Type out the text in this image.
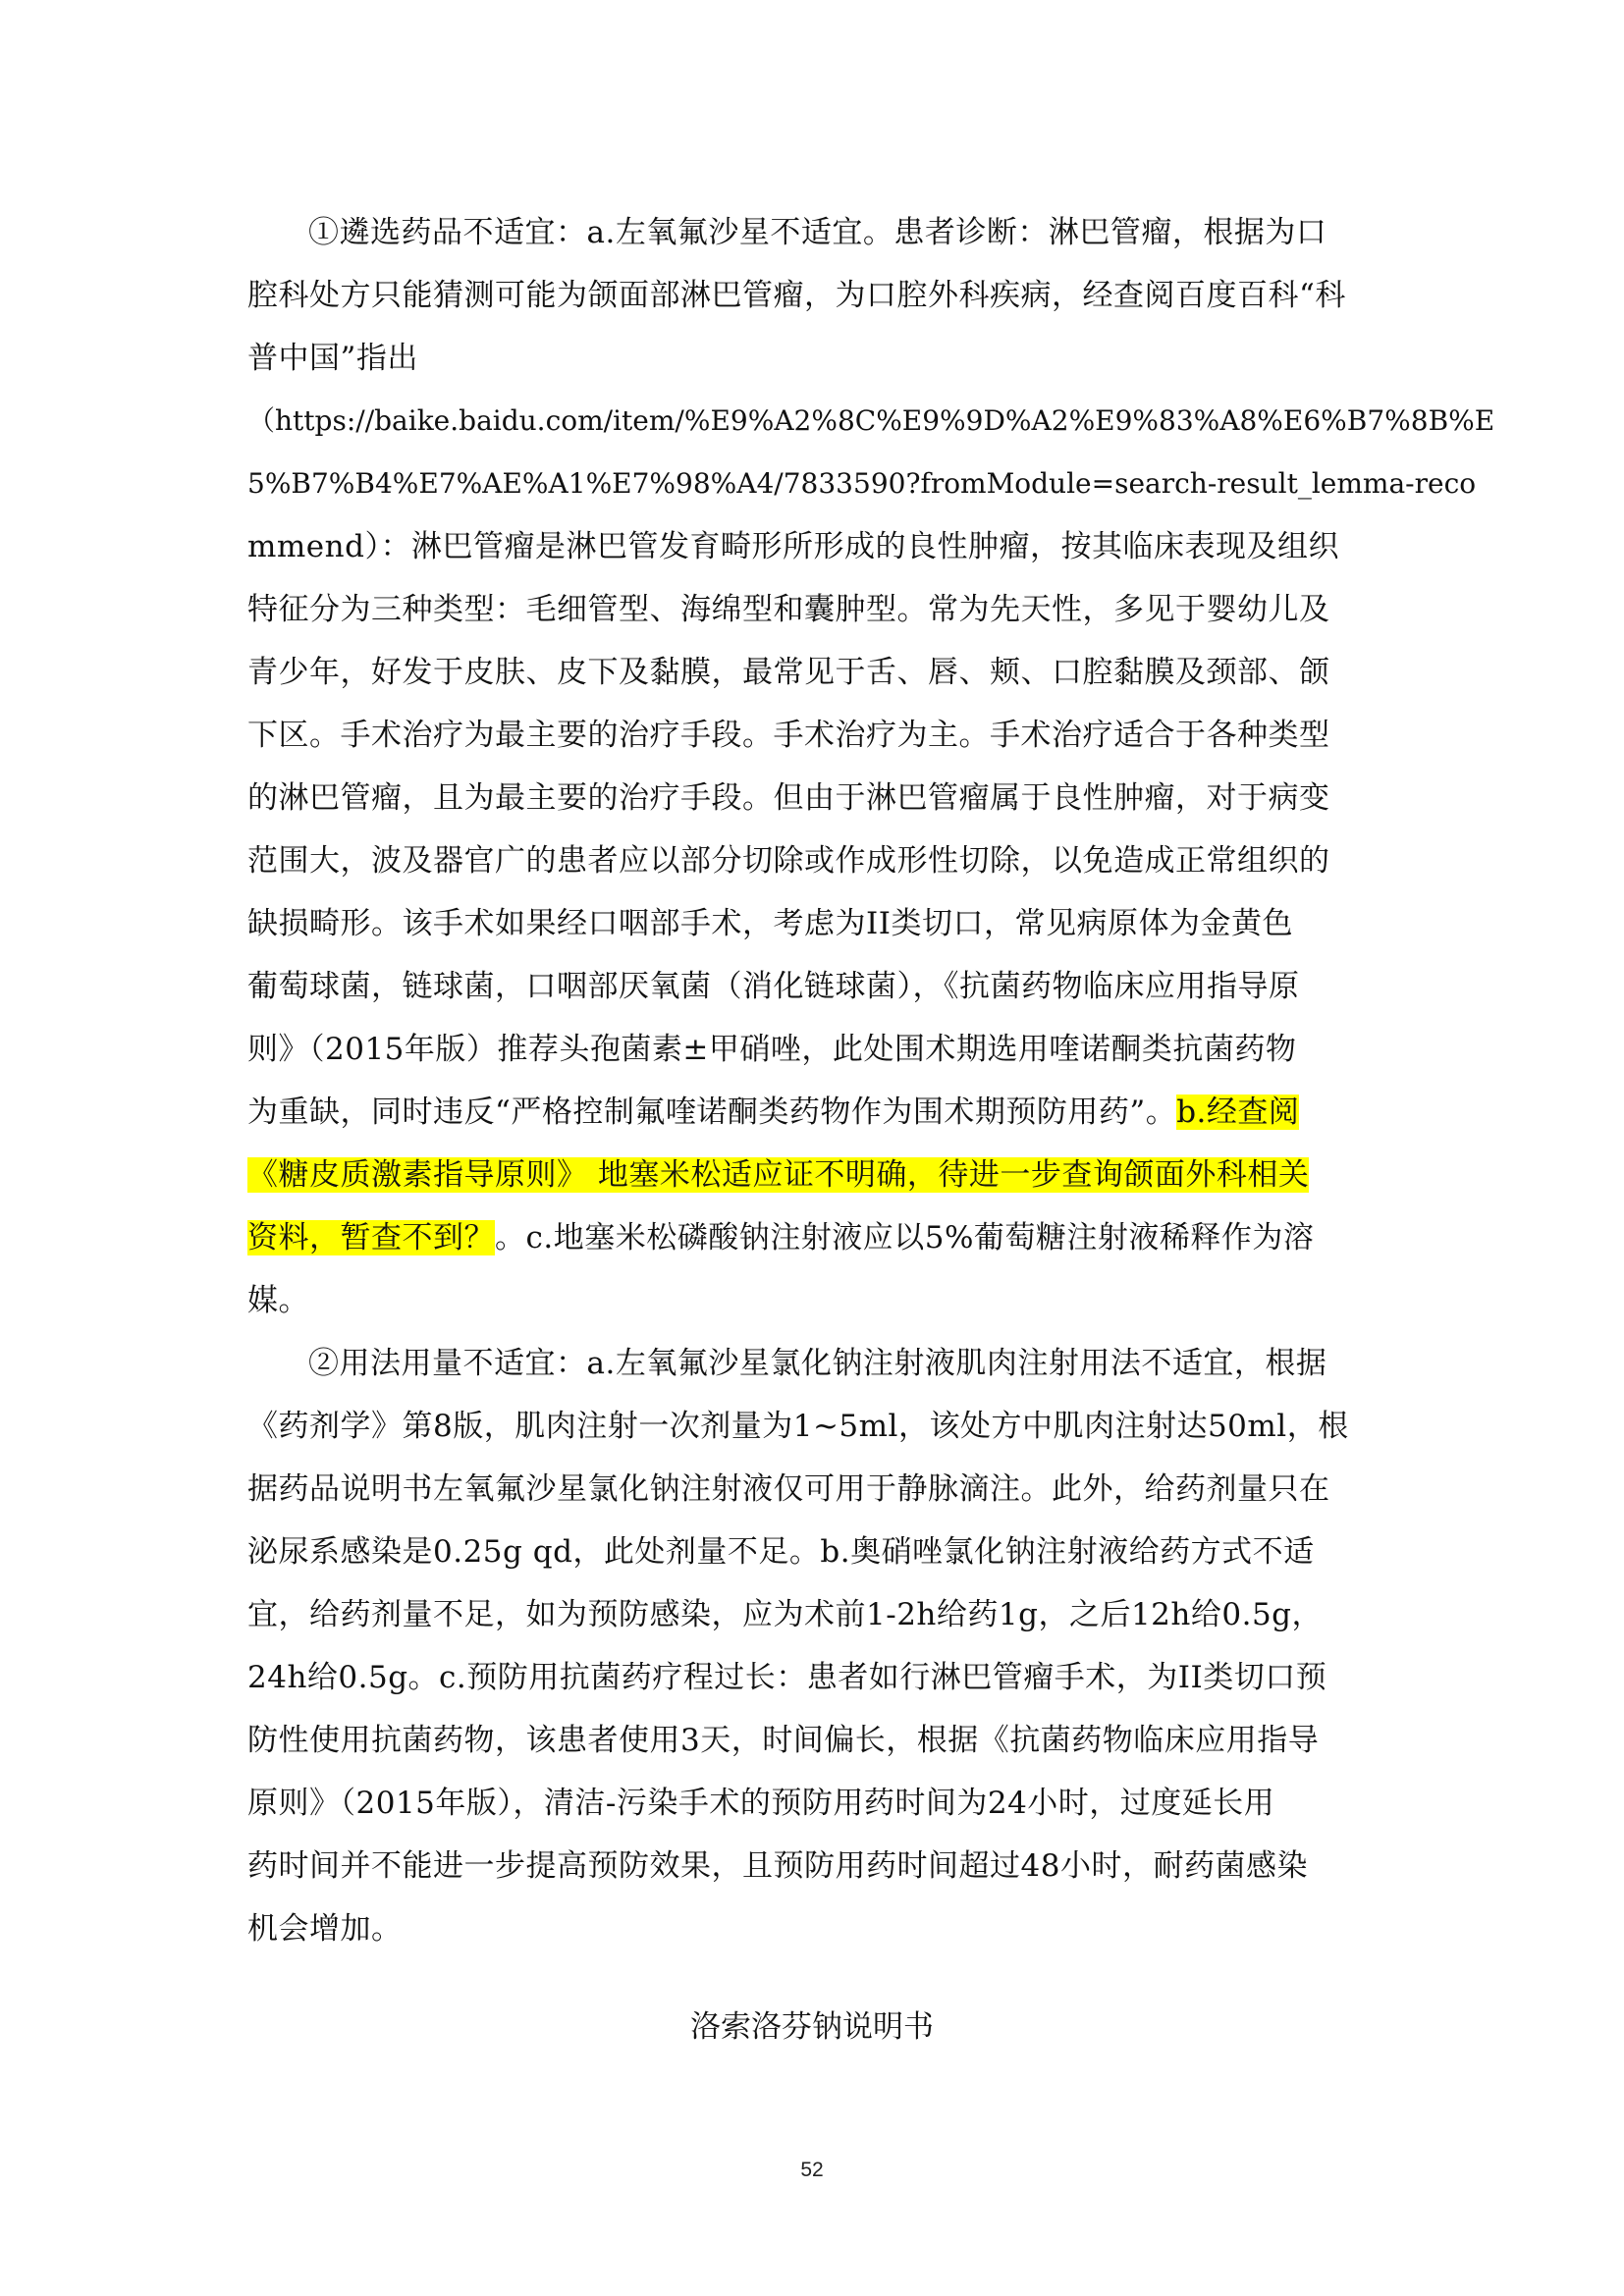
①遴选药品不适宜：a.左氧氟沙星不适宜。患者诊断：淋巴管瘤，根据为口
腔科处方只能猜测可能为颌面部淋巴管瘤，为口腔外科疾病，经查阅百度百科“科
普中国”指出
（https://baike.baidu.com/item/%E9%A2%8C%E9%9D%A2%E9%83%A8%E6%B7%8B%E
5%B7%B4%E7%AE%A1%E7%98%A4/7833590?fromModule=search-result_lemma-reco
mmend）：淋巴管瘤是淋巴管发育畸形所形成的良性肿瘤，按其临床表现及组织
特征分为三种类型：毛细管型、海绵型和囊肿型。常为先天性，多见于婴幼儿及
青少年，好发于皮肤、皮下及黏膜，最常见于舌、唇、颊、口腔黏膜及颈部、颌
下区。手术治疗为最主要的治疗手段。手术治疗为主。手术治疗适合于各种类型
的淋巴管瘤，且为最主要的治疗手段。但由于淋巴管瘤属于良性肿瘤，对于病变
范围大，波及器官广的患者应以部分切除或作成形性切除，以免造成正常组织的
缺损畸形。该手术如果经口咽部手术，考虑为II类切口，常见病原体为金黄色
葡萄球菌，链球菌，口咽部厌氧菌（消化链球菌），《抗菌药物临床应用指导原
则》（2015年版）推荐头孢菌素±甲硝唑，此处围术期选用喹诺酮类抗菌药物
为重缺，同时违反“严格控制氟喹诺酮类药物作为围术期预防用药”。b.经查阅
《糖皮质激素指导原则》 地塞米松适应证不明确，待进一步查询颌面外科相关
资料，暂查不到？。c.地塞米松磷酸钠注射液应以5%葡萄糖注射液稀释作为溶
媒。
②用法用量不适宜：a.左氧氟沙星氯化钠注射液肌肉注射用法不适宜，根据
《药剂学》第8版，肌肉注射一次剂量为1~5ml，该处方中肌肉注射达50ml，根
据药品说明书左氧氟沙星氯化钠注射液仅可用于静脉滴注。此外，给药剂量只在
泌尿系感染是0.25g qd，此处剂量不足。b.奥硝唑氯化钠注射液给药方式不适
宜，给药剂量不足，如为预防感染，应为术前1-2h给药1g，之后12h给0.5g，
24h给0.5g。c.预防用抗菌药疗程过长：患者如行淋巴管瘤手术，为II类切口预
防性使用抗菌药物，该患者使用3天，时间偏长，根据《抗菌药物临床应用指导
原则》（2015年版），清洁-污染手术的预防用药时间为24小时，过度延长用
药时间并不能进一步提高预防效果，且预防用药时间超过48小时，耐药菌感染
机会增加。
洛索洛芬钠说明书
52
